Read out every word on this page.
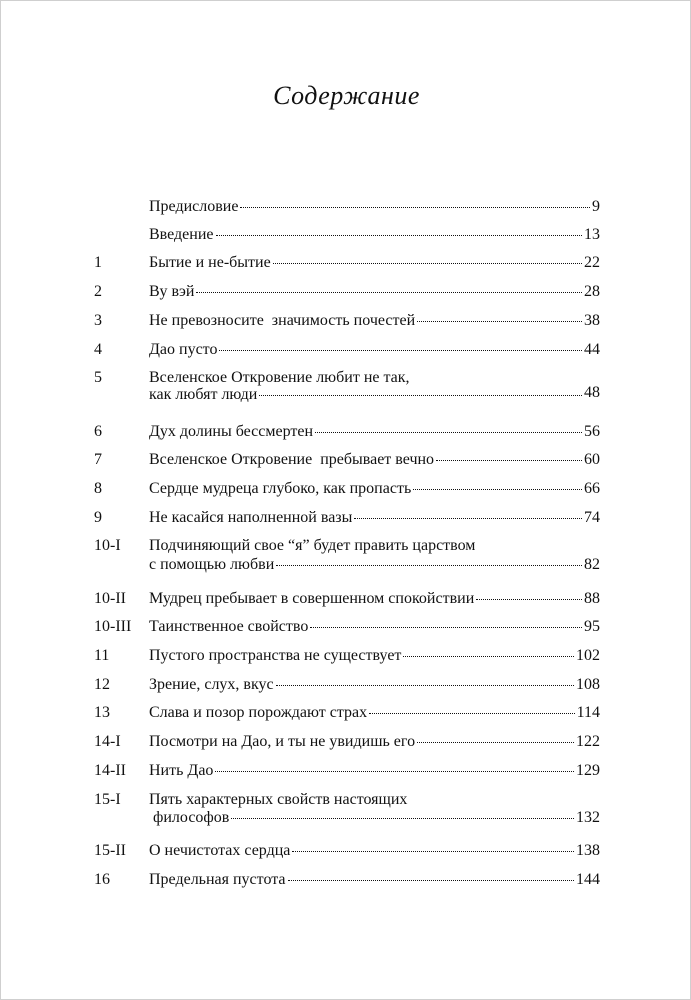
Содержание
Предисловие	9
Введение	13
1	Бытие и не-бытие	22
2	Ву вэй	28
3	Не превозносите  значимость почестей	38
4	Дао пусто	44
5	Вселенское Откровение любит не так,
как любят люди	48
6	Дух долины бессмертен	56
7	Вселенское Откровение  пребывает вечно	60
8	Сердце мудреца глубоко, как пропасть	66
9	Не касайся наполненной вазы	74
10-I Подчиняющий свое “я” будет править царством
с помощью любви	82
10-II Мудрец пребывает в совершенном спокойствии	88
10-III Таинственное свойство	95
11 Пустого пространства не существует	102
12 Зрение, слух, вкус	108
13 Слава и позор порождают страх	114
14-I Посмотри на Дао, и ты не увидишь его	122
14-II Нить Дао	129
15-I Пять характерных свойств настоящих
философов	132
15-II О нечистотах сердца	138
16 Предельная пустота	144
